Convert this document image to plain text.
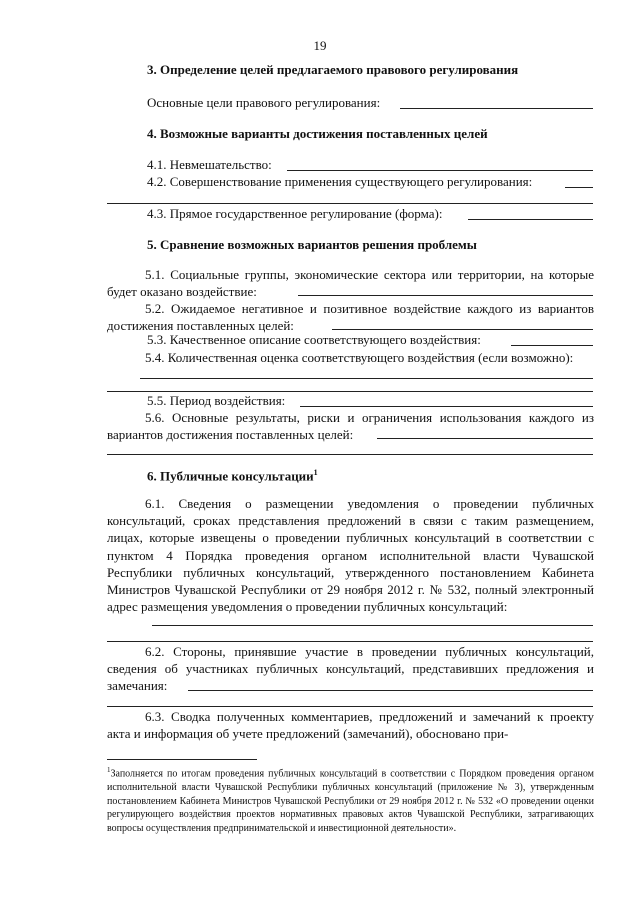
19
3. Определение целей предлагаемого правового регулирования
Основные цели правового регулирования:
4. Возможные варианты достижения поставленных целей
4.1. Невмешательство:
4.2. Совершенствование применения существующего регулирования:
4.3. Прямое государственное регулирование (форма):
5. Сравнение возможных вариантов решения проблемы
5.1. Социальные группы, экономические сектора или территории, на которые будет оказано воздействие:
5.2. Ожидаемое негативное и позитивное воздействие каждого из вариантов достижения поставленных целей:
5.3. Качественное описание соответствующего воздействия:
5.4. Количественная оценка соответствующего воздействия (если возможно):
5.5. Период воздействия:
5.6. Основные результаты, риски и ограничения использования каждого из вариантов достижения поставленных целей:
6. Публичные консультации$^1$
6.1. Сведения о размещении уведомления о проведении публичных консультаций, сроках представления предложений в связи с таким размещением, лицах, которые извещены о проведении публичных консультаций в соответствии с пунктом 4 Порядка проведения органом исполнительной власти Чувашской Республики публичных консультаций, утвержденного постановлением Кабинета Министров Чувашской Республики от 29 ноября 2012 г. № 532, полный электронный адрес размещения уведомления о проведении публичных консультаций:
6.2. Стороны, принявшие участие в проведении публичных консультаций, сведения об участниках публичных консультаций, представивших предложения и замечания:
6.3. Сводка полученных комментариев, предложений и замечаний к проекту акта и информация об учете предложений (замечаний), обосновано при-
$^1$Заполняется по итогам проведения публичных консультаций в соответствии с Порядком проведения органом исполнительной власти Чувашской Республики публичных консультаций (приложение № 3), утвержденным постановлением Кабинета Министров Чувашской Республики от 29 ноября 2012 г. № 532 «О проведении оценки регулирующего воздействия проектов нормативных правовых актов Чувашской Республики, затрагивающих вопросы осуществления предпринимательской и инвестиционной деятельности».
